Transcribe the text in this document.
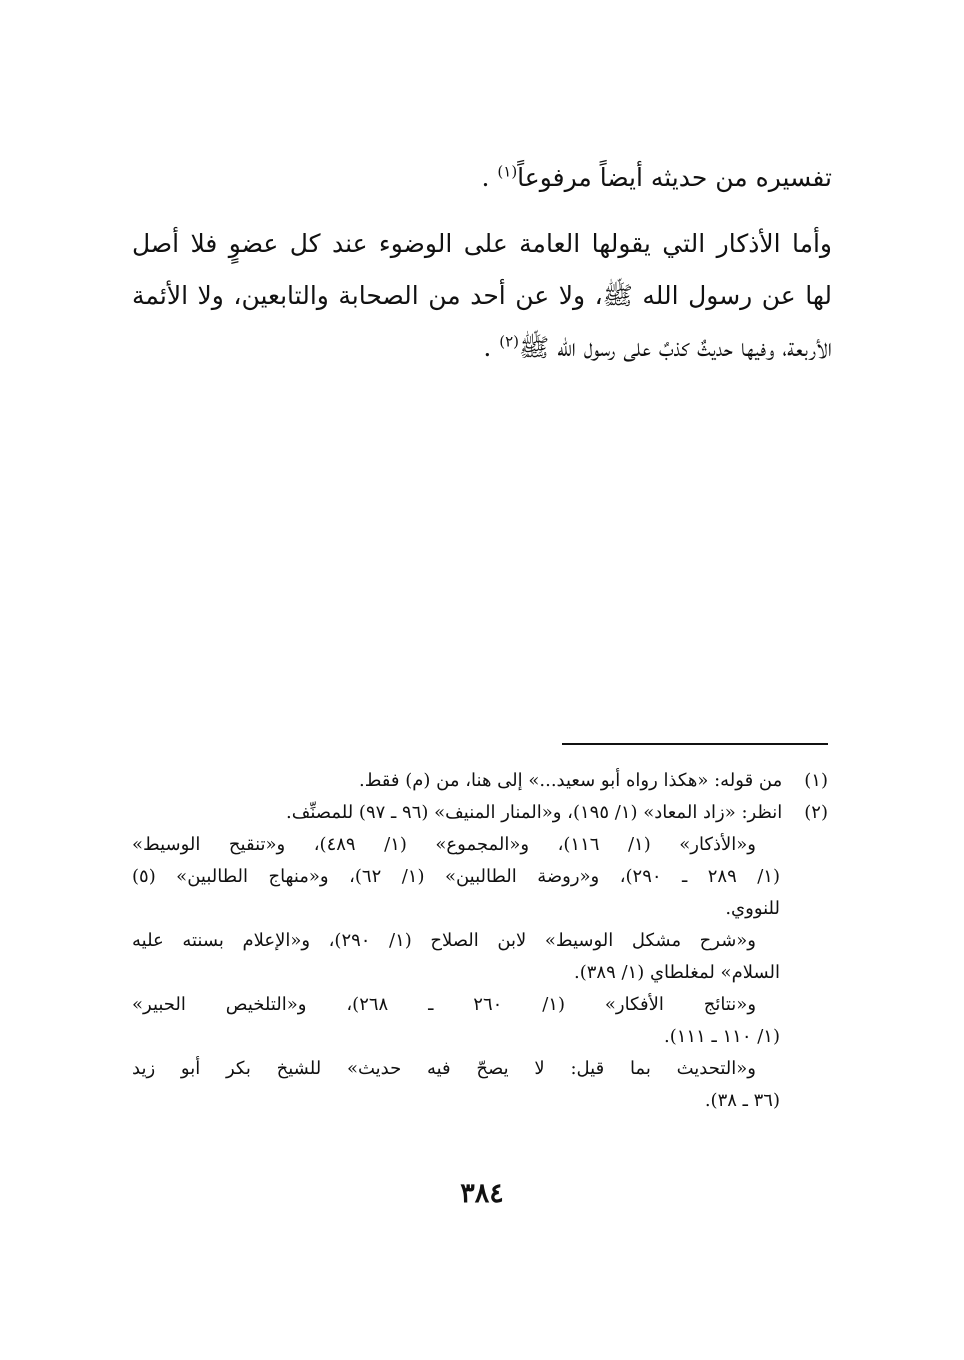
تفسيره من حديثه أيضاً مرفوعاً$^{(١)}$ .
وأما الأذكار التي يقولها العامة على الوضوء عند كل عضوٍ فلا أصل
لها عن رسول الله ﷺ، ولا عن أحد من الصحابة والتابعين، ولا الأئمة
الأربعة، وفيها حديثٌ كذبٌ على رسول الله ﷺ$^{(٢)}$ .
(١) من قوله: «هكذا رواه أبو سعيد...» إلى هنا، من (م) فقط.
(٢) انظر: «زاد المعاد» (١/ ١٩٥)، و«المنار المنيف» (٩٦ ـ ٩٧) للمصنِّف.
و«الأذكار» (١/ ١١٦)، و«المجموع» (١/ ٤٨٩)، و«تنقيح الوسيط»
(١/ ٢٨٩ ـ ٢٩٠)، و«روضة الطالبين» (١/ ٦٢)، و«منهاج الطالبين» (٥)
للنووي.
و«شرح مشكل الوسيط» لابن الصلاح (١/ ٢٩٠)، و«الإعلام بسنته عليه
السلام» لمغلطاي (١/ ٣٨٩).
و«نتائج الأفكار» (١/ ٢٦٠ ـ ٢٦٨)، و«التلخيص الحبير»
(١/ ١١٠ ـ ١١١).
و«التحديث بما قيل: لا يصحّ فيه حديث» للشيخ بكر أبو زيد
(٣٦ ـ ٣٨).
٣٨٤
